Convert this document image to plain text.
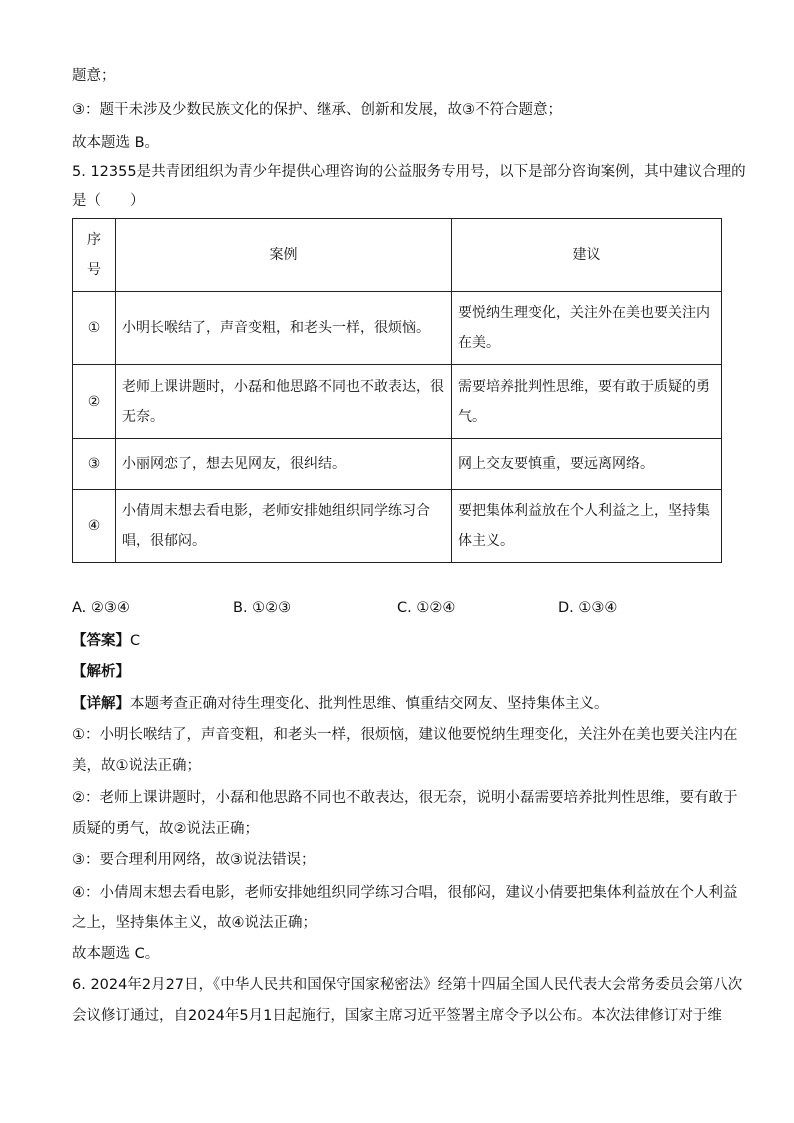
题意；
③：题干未涉及少数民族文化的保护、继承、创新和发展，故③不符合题意；
故本题选 B。
5. 12355是共青团组织为青少年提供心理咨询的公益服务专用号，以下是部分咨询案例，其中建议合理的
是（　　）
序号	案例	建议
①	小明长喉结了，声音变粗，和老头一样，很烦恼。	要悦纳生理变化，关注外在美也要关注内在美。
②	老师上课讲题时，小磊和他思路不同也不敢表达，很无奈。	需要培养批判性思维，要有敢于质疑的勇气。
③	小丽网恋了，想去见网友，很纠结。	网上交友要慎重，要远离网络。
④	小倩周末想去看电影，老师安排她组织同学练习合唱，很郁闷。	要把集体利益放在个人利益之上，坚持集体主义。
A. ②③④	B. ①②③	C. ①②④	D. ①③④
【答案】C
【解析】
【详解】本题考查正确对待生理变化、批判性思维、慎重结交网友、坚持集体主义。
①：小明长喉结了，声音变粗，和老头一样，很烦恼，建议他要悦纳生理变化，关注外在美也要关注内在
美，故①说法正确；
②：老师上课讲题时，小磊和他思路不同也不敢表达，很无奈，说明小磊需要培养批判性思维，要有敢于
质疑的勇气，故②说法正确；
③：要合理利用网络，故③说法错误；
④：小倩周末想去看电影，老师安排她组织同学练习合唱，很郁闷，建议小倩要把集体利益放在个人利益
之上，坚持集体主义，故④说法正确；
故本题选 C。
6. 2024年2月27日，《中华人民共和国保守国家秘密法》经第十四届全国人民代表大会常务委员会第八次
会议修订通过，自2024年5月1日起施行，国家主席习近平签署主席令予以公布。本次法律修订对于维
